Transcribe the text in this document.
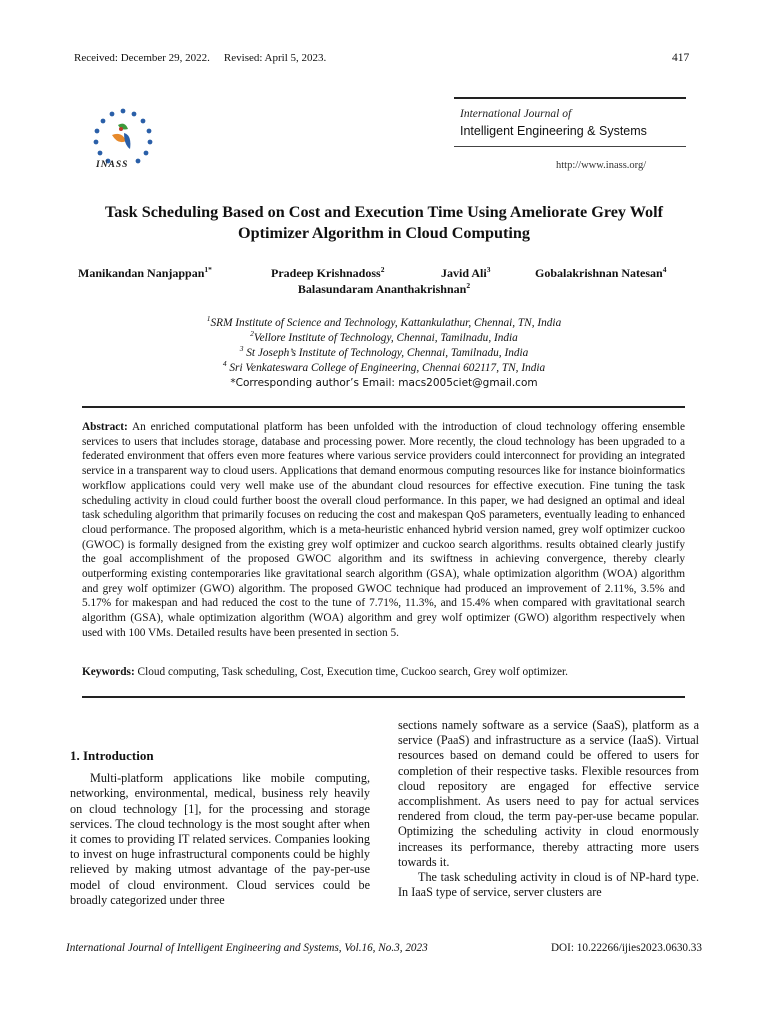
Received: December 29, 2022. Revised: April 5, 2023.	417
INASS
International Journal of
Intelligent Engineering & Systems
http://www.inass.org/
Task Scheduling Based on Cost and Execution Time Using Ameliorate Grey Wolf
Optimizer Algorithm in Cloud Computing
Manikandan Nanjappan$^{1*}$	Pradeep Krishnadoss$^2$	Javid Ali$^3$	Gobalakrishnan Natesan$^4$
Balasundaram Ananthakrishnan$^2$
$^1$SRM Institute of Science and Technology, Kattankulathur, Chennai, TN, India
$^2$Vellore Institute of Technology, Chennai, Tamilnadu, India
$^3$ St Joseph’s Institute of Technology, Chennai, Tamilnadu, India
$^4$ Sri Venkateswara College of Engineering, Chennai 602117, TN, India
*Corresponding author’s Email: macs2005ciet@gmail.com
Abstract: An enriched computational platform has been unfolded with the introduction of cloud technology offering ensemble services to users that includes storage, database and processing power. More recently, the cloud technology has been upgraded to a federated environment that offers even more features where various service providers could interconnect for providing an integrated service in a transparent way to cloud users. Applications that demand enormous computing resources like for instance bioinformatics workflow applications could very well make use of the abundant cloud resources for effective execution. Fine tuning the task scheduling activity in cloud could further boost the overall cloud performance. In this paper, we had designed an optimal and ideal task scheduling algorithm that primarily focuses on reducing the cost and makespan QoS parameters, eventually leading to enhanced cloud performance. The proposed algorithm, which is a meta-heuristic enhanced hybrid version named, grey wolf optimizer cuckoo (GWOC) is formally designed from the existing grey wolf optimizer and cuckoo search algorithms. results obtained clearly justify the goal accomplishment of the proposed GWOC algorithm and its swiftness in achieving convergence, thereby clearly outperforming existing contemporaries like gravitational search algorithm (GSA), whale optimization algorithm (WOA) algorithm and grey wolf optimizer (GWO) algorithm. The proposed GWOC technique had produced an improvement of 2.11%, 3.5% and 5.17% for makespan and had reduced the cost to the tune of 7.71%, 11.3%, and 15.4% when compared with gravitational search algorithm (GSA), whale optimization algorithm (WOA) algorithm and grey wolf optimizer (GWO) algorithm respectively when used with 100 VMs. Detailed results have been presented in section 5.
Keywords: Cloud computing, Task scheduling, Cost, Execution time, Cuckoo search, Grey wolf optimizer.
1. Introduction
Multi-platform applications like mobile computing, networking, environmental, medical, business rely heavily on cloud technology [1], for the processing and storage services. The cloud technology is the most sought after when it comes to providing IT related services. Companies looking to invest on huge infrastructural components could be highly relieved by making utmost advantage of the pay-per-use model of cloud environment. Cloud services could be broadly categorized under three
sections namely software as a service (SaaS), platform as a service (PaaS) and infrastructure as a service (IaaS). Virtual resources based on demand could be offered to users for completion of their respective tasks. Flexible resources from cloud repository are engaged for effective service accomplishment. As users need to pay for actual services rendered from cloud, the term pay-per-use became popular. Optimizing the scheduling activity in cloud enormously increases its performance, thereby attracting more users towards it.
The task scheduling activity in cloud is of NP-hard type. In IaaS type of service, server clusters are
International Journal of Intelligent Engineering and Systems, Vol.16, No.3, 2023	DOI: 10.22266/ijies2023.0630.33
